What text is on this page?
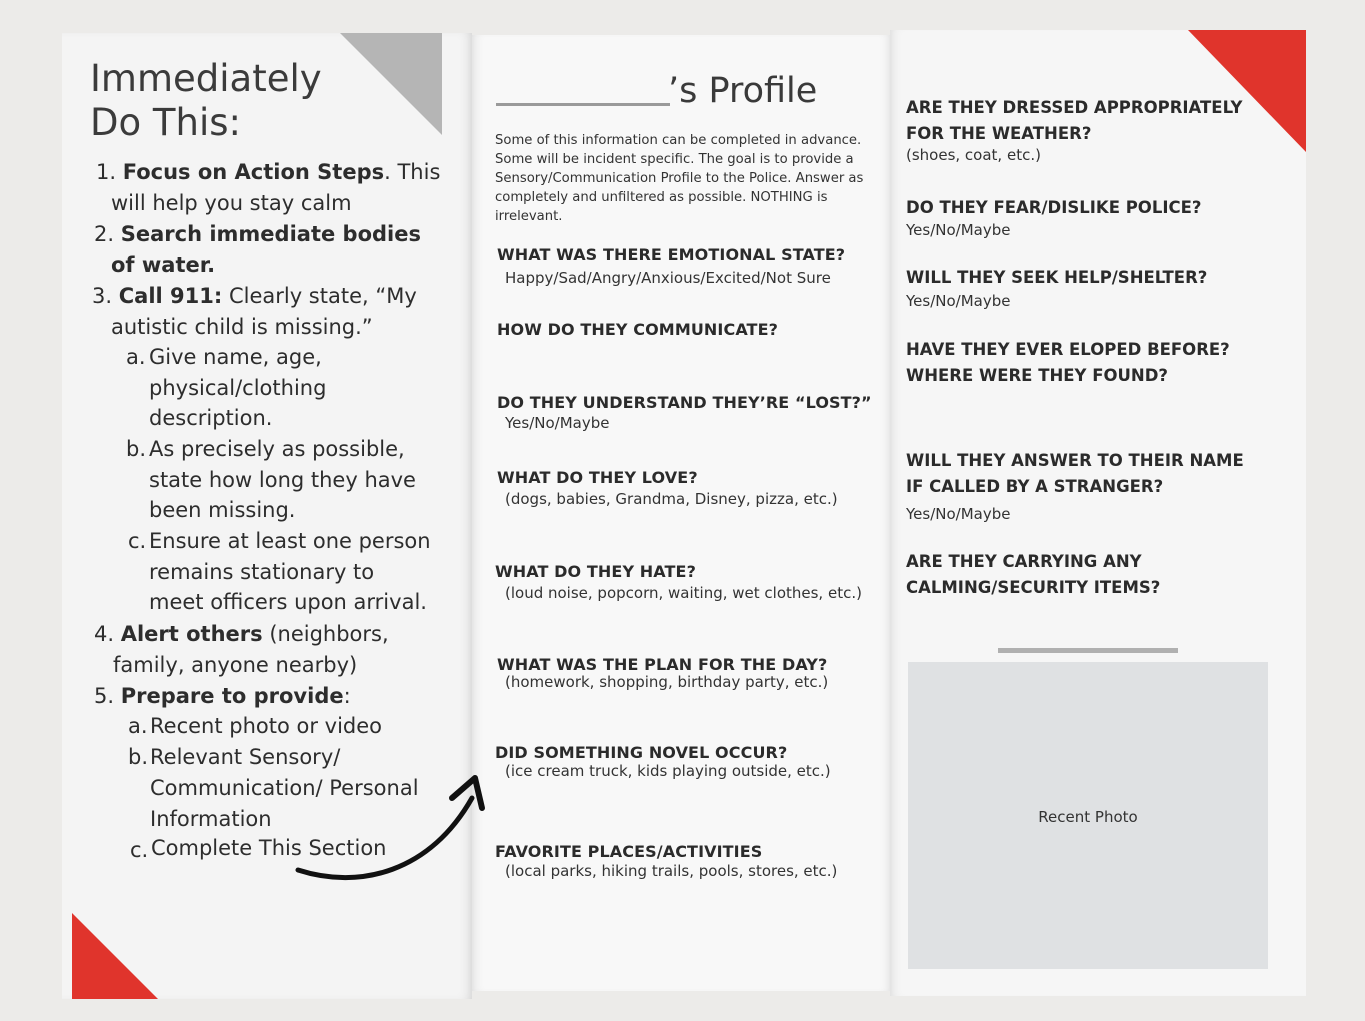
Immediately
Do This:
1. Focus on Action Steps. This
will help you stay calm
2. Search immediate bodies
of water.
3. Call 911: Clearly state, “My
autistic child is missing.”
a. Give name, age,
physical/clothing
description.
b. As precisely as possible,
state how long they have
been missing.
c. Ensure at least one person
remains stationary to
meet officers upon arrival.
4. Alert others (neighbors,
family, anyone nearby)
5. Prepare to provide:
a. Recent photo or video
b. Relevant Sensory/
Communication/ Personal
Information
c. Complete This Section
’s Profile
Some of this information can be completed in advance. Some will be incident specific. The goal is to provide a Sensory/Communication Profile to the Police. Answer as completely and unfiltered as possible. NOTHING is irrelevant.
WHAT WAS THERE EMOTIONAL STATE?
Happy/Sad/Angry/Anxious/Excited/Not Sure
HOW DO THEY COMMUNICATE?
DO THEY UNDERSTAND THEY’RE “LOST?”
Yes/No/Maybe
WHAT DO THEY LOVE?
(dogs, babies, Grandma, Disney, pizza, etc.)
WHAT DO THEY HATE?
(loud noise, popcorn, waiting, wet clothes, etc.)
WHAT WAS THE PLAN FOR THE DAY?
(homework, shopping, birthday party, etc.)
DID SOMETHING NOVEL OCCUR?
(ice cream truck, kids playing outside, etc.)
FAVORITE PLACES/ACTIVITIES
(local parks, hiking trails, pools, stores, etc.)
ARE THEY DRESSED APPROPRIATELY
FOR THE WEATHER?
(shoes, coat, etc.)
DO THEY FEAR/DISLIKE POLICE?
Yes/No/Maybe
WILL THEY SEEK HELP/SHELTER?
Yes/No/Maybe
HAVE THEY EVER ELOPED BEFORE?
WHERE WERE THEY FOUND?
WILL THEY ANSWER TO THEIR NAME
IF CALLED BY A STRANGER?
Yes/No/Maybe
ARE THEY CARRYING ANY
CALMING/SECURITY ITEMS?
Recent Photo
